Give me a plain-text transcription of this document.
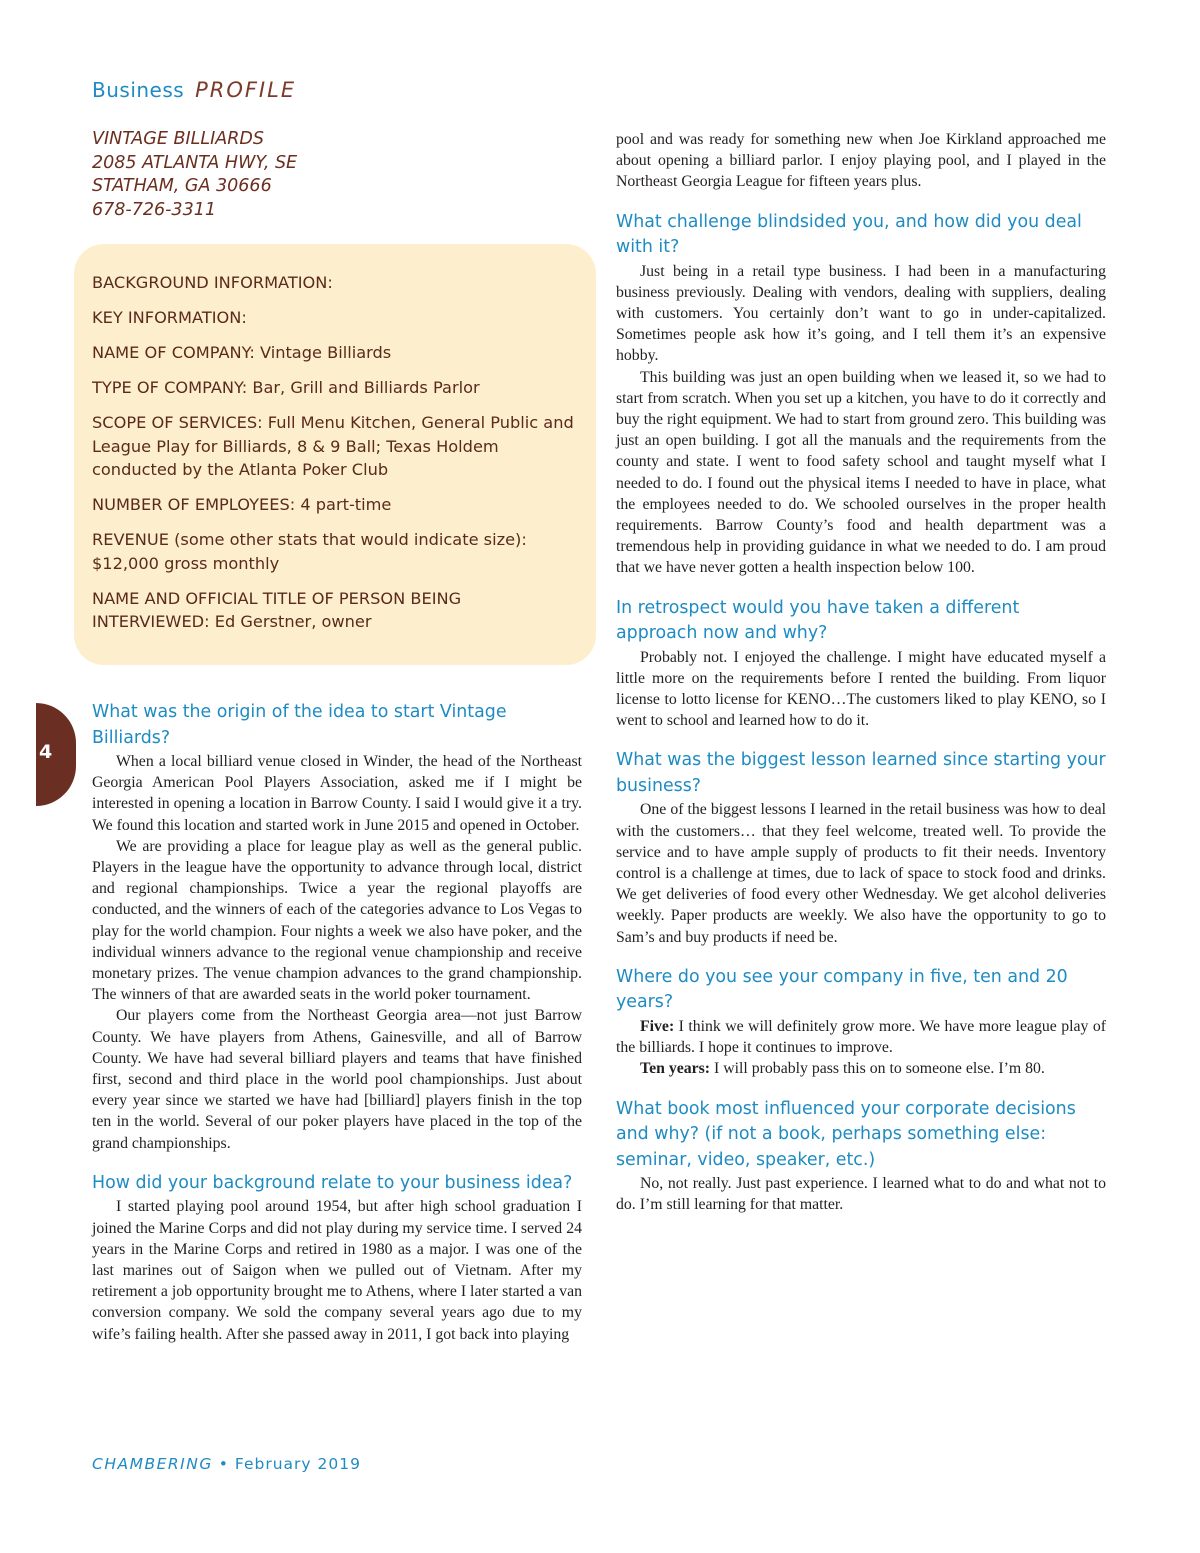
Business PROFILE
VINTAGE BILLIARDS
2085 ATLANTA HWY, SE
STATHAM, GA 30666
678-726-3311

BACKGROUND INFORMATION:

KEY INFORMATION:

NAME OF COMPANY: Vintage Billiards

TYPE OF COMPANY: Bar, Grill and Billiards Parlor

SCOPE OF SERVICES: Full Menu Kitchen, General Public and League Play for Billiards, 8 & 9 Ball; Texas Holdem conducted by the Atlanta Poker Club

NUMBER OF EMPLOYEES: 4 part-time

REVENUE (some other stats that would indicate size): $12,000 gross monthly

NAME AND OFFICIAL TITLE OF PERSON BEING INTERVIEWED: Ed Gerstner, owner

4
What was the origin of the idea to start Vintage Billiards?

When a local billiard venue closed in Winder, the head of the Northeast Georgia American Pool Players Association, asked me if I might be interested in opening a location in Barrow County. I said I would give it a try. We found this location and started work in June 2015 and opened in October.

We are providing a place for league play as well as the general public. Players in the league have the opportunity to advance through local, district and regional championships. Twice a year the regional playoffs are conducted, and the winners of each of the categories advance to Los Vegas to play for the world champion. Four nights a week we also have poker, and the individual winners advance to the regional venue championship and receive monetary prizes. The venue champion advances to the grand championship. The winners of that are awarded seats in the world poker tournament.

Our players come from the Northeast Georgia area—not just Barrow County. We have players from Athens, Gainesville, and all of Barrow County. We have had several billiard players and teams that have finished first, second and third place in the world pool championships. Just about every year since we started we have had [billiard] players finish in the top ten in the world. Several of our poker players have placed in the top of the grand championships.

How did your background relate to your business idea?

I started playing pool around 1954, but after high school graduation I joined the Marine Corps and did not play during my service time. I served 24 years in the Marine Corps and retired in 1980 as a major. I was one of the last marines out of Saigon when we pulled out of Vietnam. After my retirement a job opportunity brought me to Athens, where I later started a van conversion company. We sold the company several years ago due to my wife’s failing health. After she passed away in 2011, I got back into playing

pool and was ready for something new when Joe Kirkland approached me about opening a billiard parlor. I enjoy playing pool, and I played in the Northeast Georgia League for fifteen years plus.

What challenge blindsided you, and how did you deal with it?

Just being in a retail type business. I had been in a manufacturing business previously. Dealing with vendors, dealing with suppliers, dealing with customers. You certainly don’t want to go in under-capitalized. Sometimes people ask how it’s going, and I tell them it’s an expensive hobby.

This building was just an open building when we leased it, so we had to start from scratch. When you set up a kitchen, you have to do it correctly and buy the right equipment. We had to start from ground zero. This building was just an open building. I got all the manuals and the requirements from the county and state. I went to food safety school and taught myself what I needed to do. I found out the physical items I needed to have in place, what the employees needed to do. We schooled ourselves in the proper health requirements. Barrow County’s food and health department was a tremendous help in providing guidance in what we needed to do. I am proud that we have never gotten a health inspection below 100.

In retrospect would you have taken a different approach now and why?

Probably not. I enjoyed the challenge. I might have educated myself a little more on the requirements before I rented the building. From liquor license to lotto license for KENO…The customers liked to play KENO, so I went to school and learned how to do it.

What was the biggest lesson learned since starting your business?

One of the biggest lessons I learned in the retail business was how to deal with the customers… that they feel welcome, treated well. To provide the service and to have ample supply of products to fit their needs. Inventory control is a challenge at times, due to lack of space to stock food and drinks. We get deliveries of food every other Wednesday. We get alcohol deliveries weekly. Paper products are weekly. We also have the opportunity to go to Sam’s and buy products if need be.

Where do you see your company in five, ten and 20 years?

Five: I think we will definitely grow more. We have more league play of the billiards. I hope it continues to improve.

Ten years: I will probably pass this on to someone else. I’m 80.

What book most influenced your corporate decisions and why? (if not a book, perhaps something else: seminar, video, speaker, etc.)

No, not really. Just past experience. I learned what to do and what not to do. I’m still learning for that matter.

CHAMBERING • February 2019
